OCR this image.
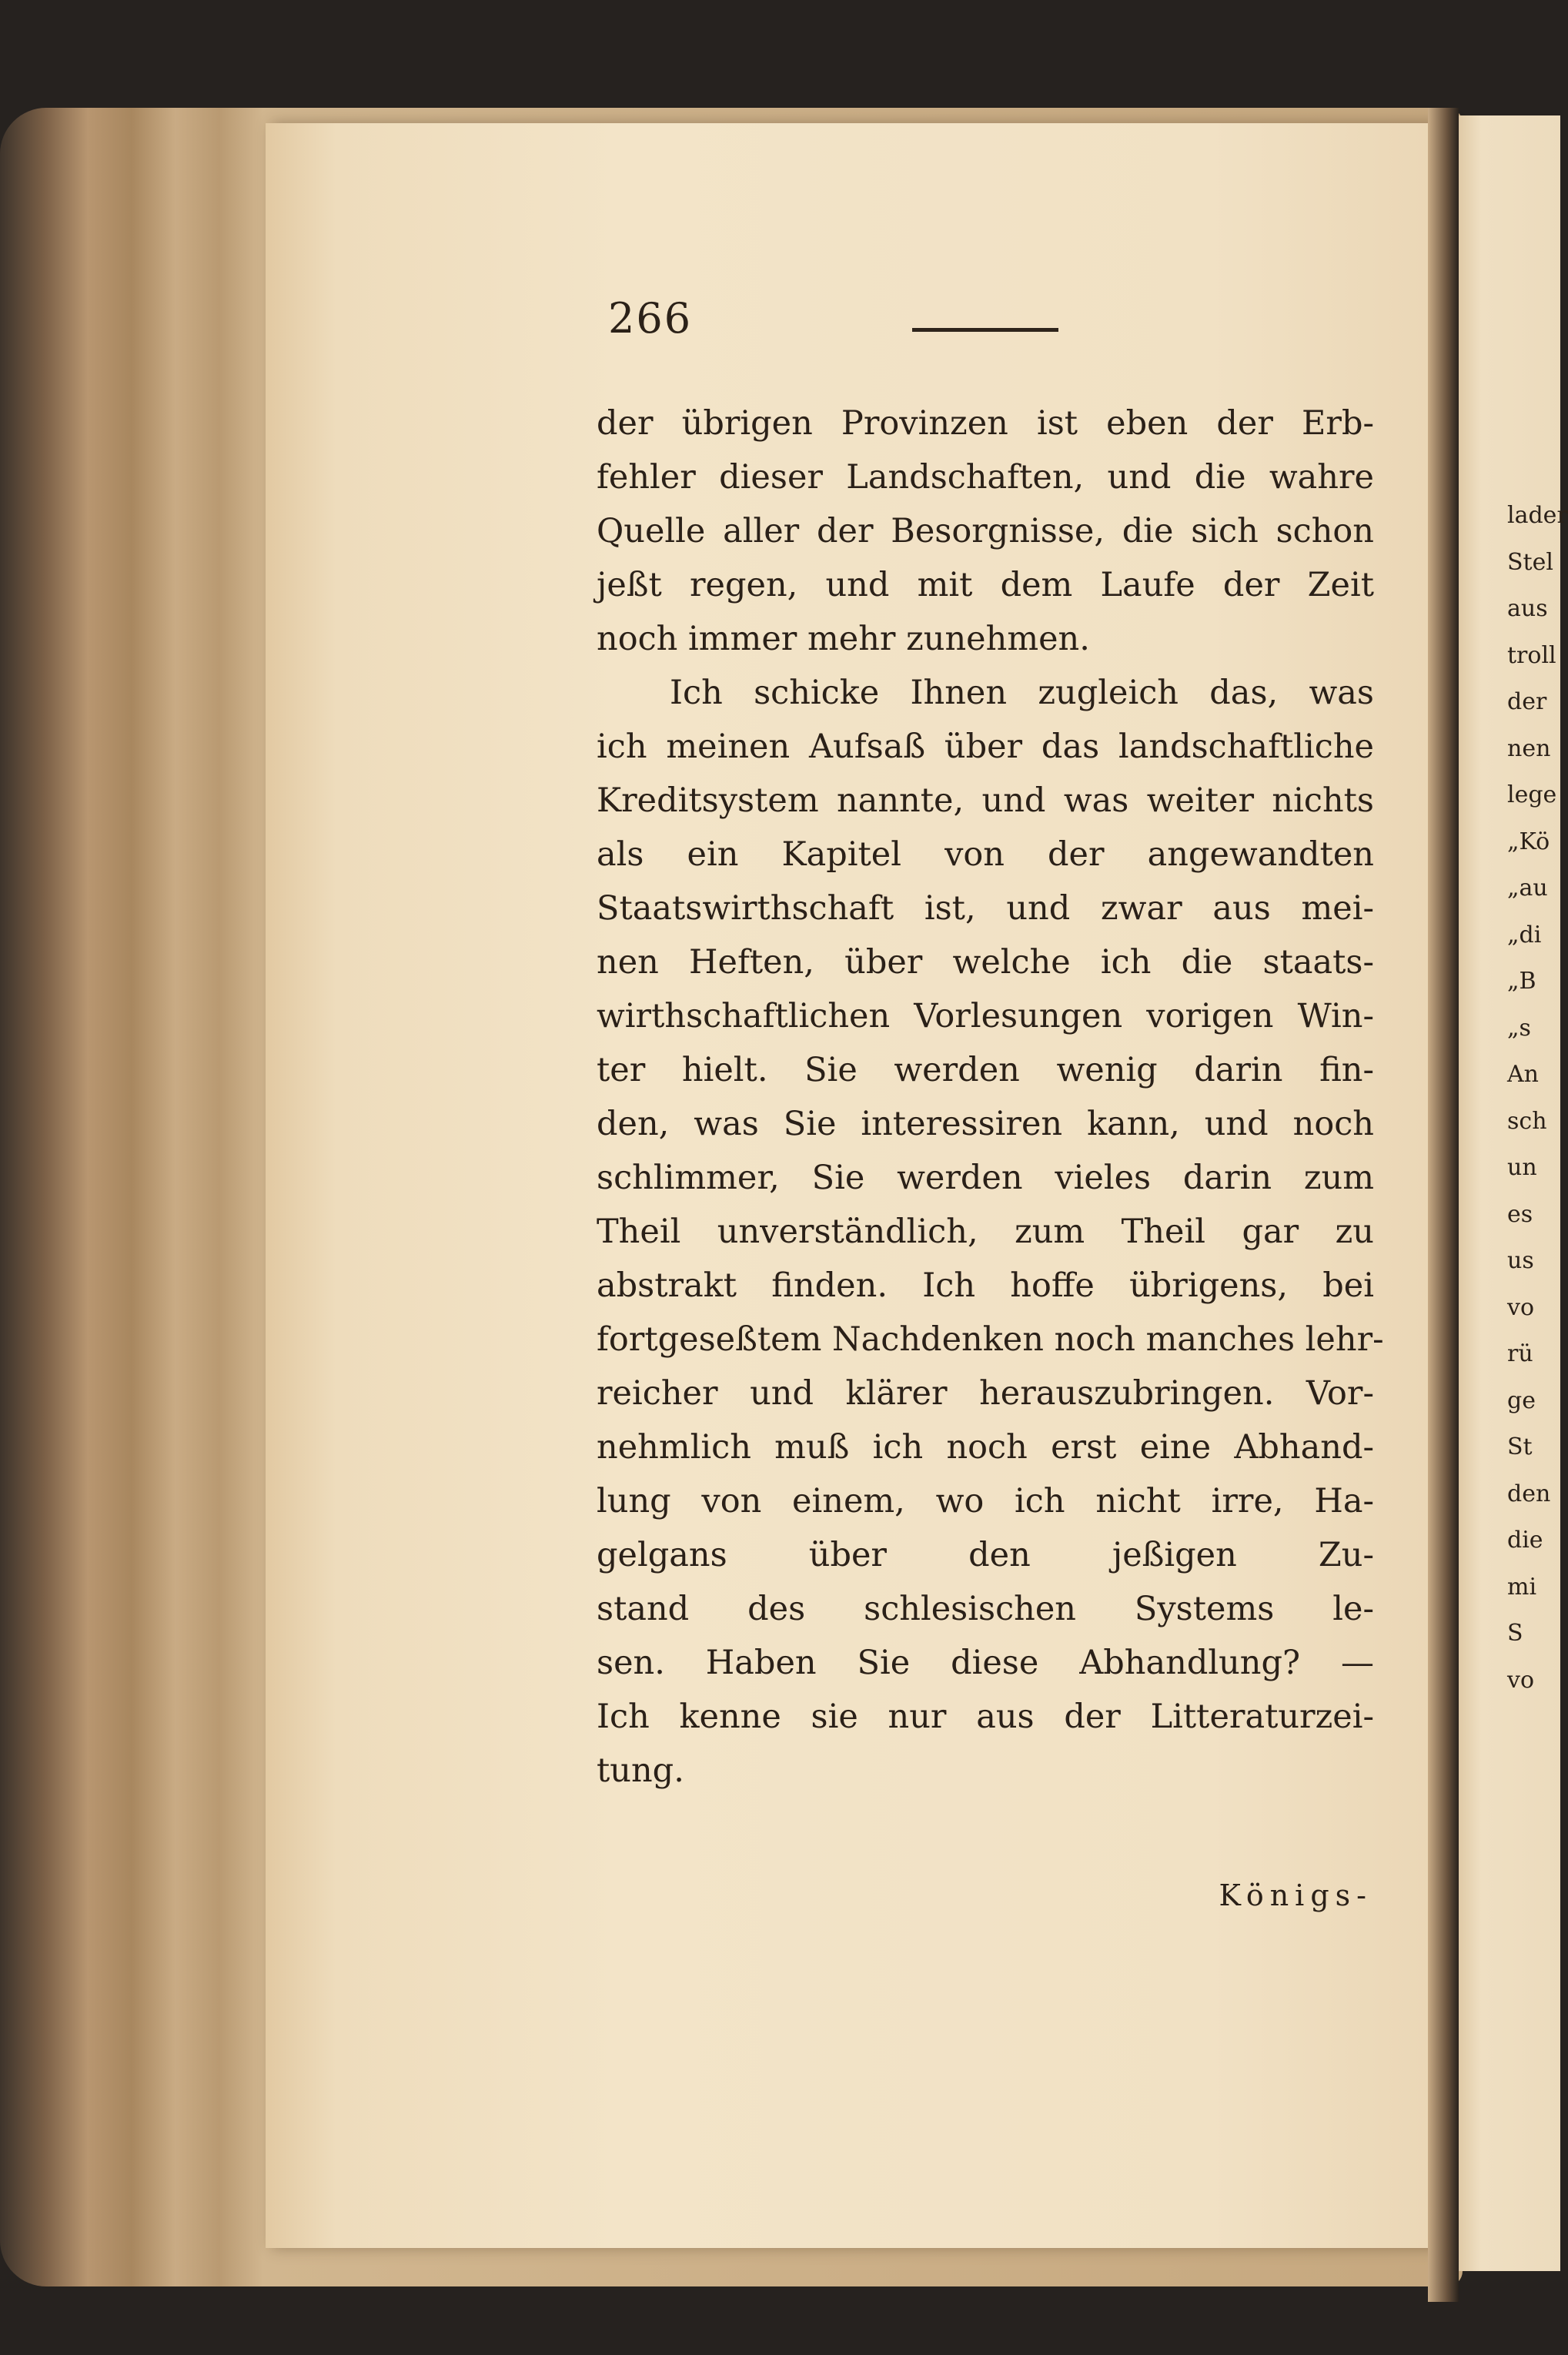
266
der übrigen Provinzen ist eben der Erb-
fehler dieser Landschaften, und die wahre
Quelle aller der Besorgnisse, die sich schon
jeßt regen, und mit dem Laufe der Zeit
noch immer mehr zunehmen.
Ich schicke Ihnen zugleich das, was
ich meinen Aufsaß über das landschaftliche
Kreditsystem nannte, und was weiter nichts
als ein Kapitel von der angewandten
Staatswirthschaft ist, und zwar aus mei-
nen Heften, über welche ich die staats-
wirthschaftlichen Vorlesungen vorigen Win-
ter hielt. Sie werden wenig darin fin-
den, was Sie interessiren kann, und noch
schlimmer, Sie werden vieles darin zum
Theil unverständlich, zum Theil gar zu
abstrakt finden. Ich hoffe übrigens, bei
fortgeseßtem Nachdenken noch manches lehr-
reicher und klärer herauszubringen. Vor-
nehmlich muß ich noch erst eine Abhand-
lung von einem, wo ich nicht irre, Ha-
gelgans über den jeßigen Zu-
stand des schlesischen Systems le-
sen. Haben Sie diese Abhandlung? —
Ich kenne sie nur aus der Litteraturzei-
tung.
Königs-
lader
Stel
aus
troll
der
nen
lege
„Kö
„au
„di
„B
„s
An
sch
un
es
us
vo
rü
ge
St
den
die
mi
S
vo
